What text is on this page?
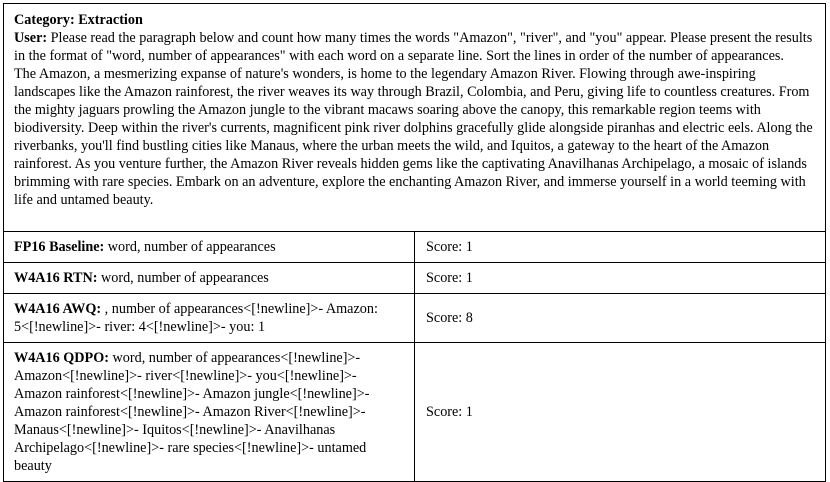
Category: Extraction
User: Please read the paragraph below and count how many times the words "Amazon", "river", and "you" appear. Please present the results in the format of "word, number of appearances" with each word on a separate line. Sort the lines in order of the number of appearances.
The Amazon, a mesmerizing expanse of nature's wonders, is home to the legendary Amazon River. Flowing through awe-inspiring landscapes like the Amazon rainforest, the river weaves its way through Brazil, Colombia, and Peru, giving life to countless creatures. From the mighty jaguars prowling the Amazon jungle to the vibrant macaws soaring above the canopy, this remarkable region teems with biodiversity. Deep within the river's currents, magnificent pink river dolphins gracefully glide alongside piranhas and electric eels. Along the riverbanks, you'll find bustling cities like Manaus, where the urban meets the wild, and Iquitos, a gateway to the heart of the Amazon rainforest. As you venture further, the Amazon River reveals hidden gems like the captivating Anavilhanas Archipelago, a mosaic of islands brimming with rare species. Embark on an adventure, explore the enchanting Amazon River, and immerse yourself in a world teeming with life and untamed beauty.	

FP16 Baseline: word, number of appearances	Score: 1
W4A16 RTN: word, number of appearances	Score: 1
W4A16 AWQ: , number of appearances<[!newline]>- Amazon: 5<[!newline]>- river: 4<[!newline]>- you: 1	Score: 8
W4A16 QDPO: word, number of appearances<[!newline]>- Amazon<[!newline]>- river<[!newline]>- you<[!newline]>- Amazon rainforest<[!newline]>- Amazon jungle<[!newline]>- Amazon rainforest<[!newline]>- Amazon River<[!newline]>- Manaus<[!newline]>- Iquitos<[!newline]>- Anavilhanas Archipelago<[!newline]>- rare species<[!newline]>- untamed beauty	Score: 1
